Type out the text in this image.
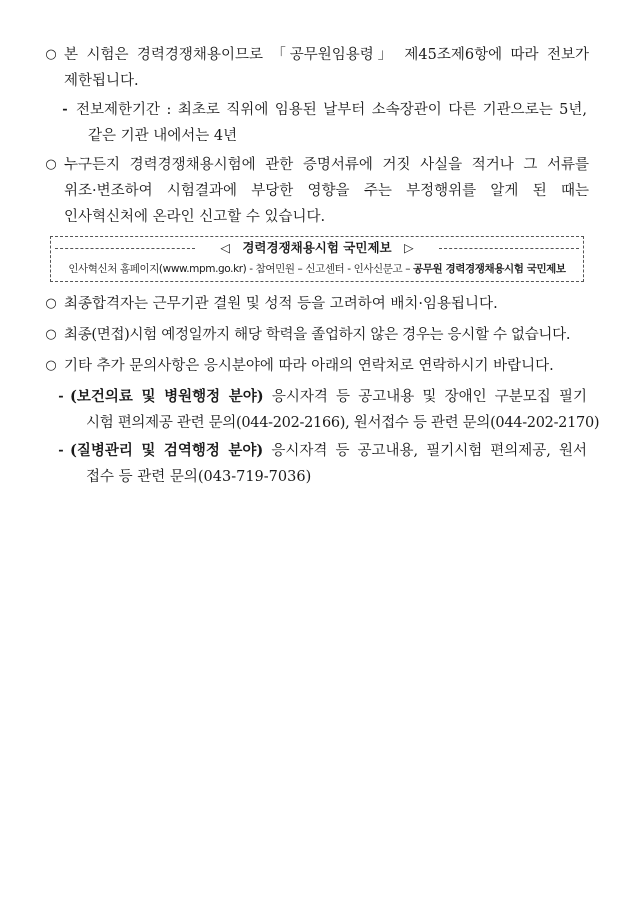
○ 본 시험은 경력경쟁채용이므로 「공무원임용령」 제45조제6항에 따라 전보가
제한됩니다.
- 전보제한기간 : 최초로 직위에 임용된 날부터 소속장관이 다른 기관으로는 5년,
같은 기관 내에서는 4년
○ 누구든지 경력경쟁채용시험에 관한 증명서류에 거짓 사실을 적거나 그 서류를
위조·변조하여 시험결과에 부당한 영향을 주는 부정행위를 알게 된 때는
인사혁신처에 온라인 신고할 수 있습니다.
◁ 경력경쟁채용시험 국민제보 ▷
인사혁신처 홈페이지(www.mpm.go.kr) - 참여민원 – 신고센터 - 인사신문고 – 공무원 경력경쟁채용시험 국민제보
○ 최종합격자는 근무기관 결원 및 성적 등을 고려하여 배치·임용됩니다.
○ 최종(면접)시험 예정일까지 해당 학력을 졸업하지 않은 경우는 응시할 수 없습니다.
○ 기타 추가 문의사항은 응시분야에 따라 아래의 연락처로 연락하시기 바랍니다.
- (보건의료 및 병원행정 분야) 응시자격 등 공고내용 및 장애인 구분모집 필기
시험 편의제공 관련 문의(044-202-2166), 원서접수 등 관련 문의(044-202-2170)
- (질병관리 및 검역행정 분야) 응시자격 등 공고내용, 필기시험 편의제공, 원서
접수 등 관련 문의(043-719-7036)
